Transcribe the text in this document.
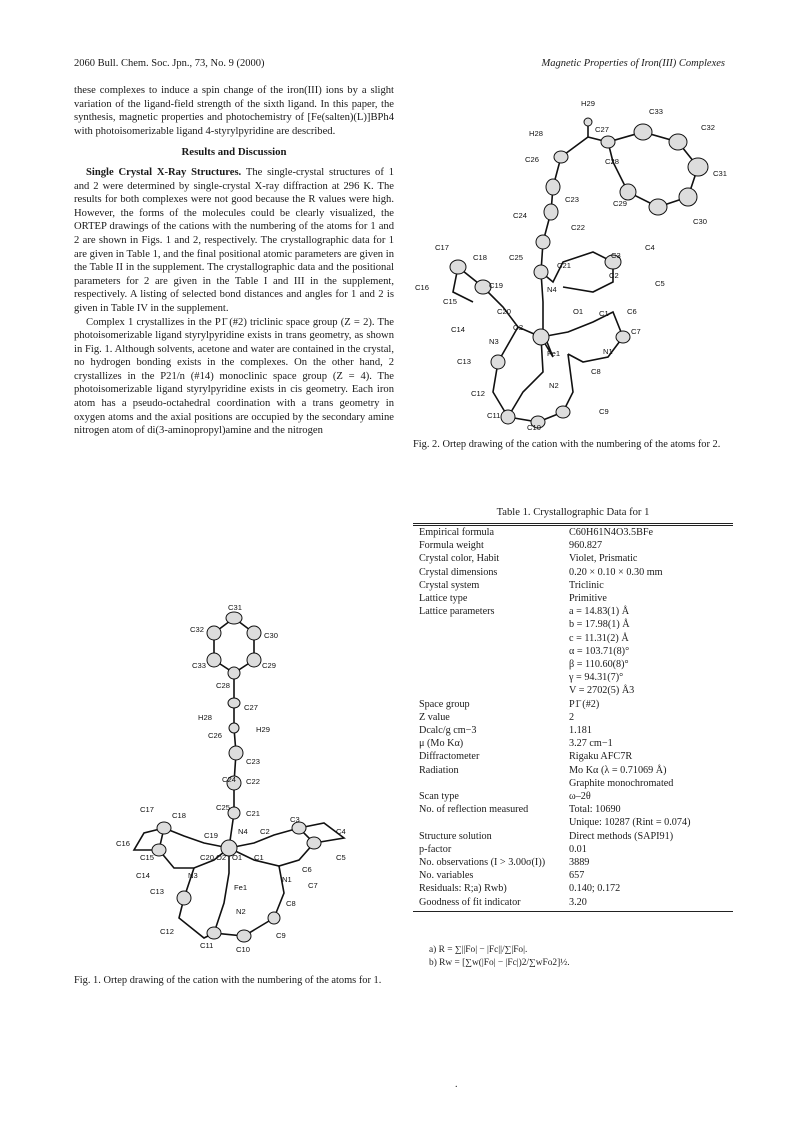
2060 Bull. Chem. Soc. Jpn., 73, No. 9 (2000)	Magnetic Properties of Iron(III) Complexes

these complexes to induce a spin change of the iron(III) ions by a slight variation of the ligand-field strength of the sixth ligand. In this paper, the synthesis, magnetic properties and photochemistry of [Fe(salten)(L)]BPh4 with photoisomerizable ligand 4-styrylpyridine are described.

Results and Discussion

Single Crystal X-Ray Structures. The single-crystal structures of 1 and 2 were determined by single-crystal X-ray diffraction at 296 K. The results for both complexes were not good because the R values were high. However, the forms of the molecules could be clearly visualized, the ORTEP drawings of the cations with the numbering of the atoms for 1 and 2 are shown in Figs. 1 and 2, respectively. The crystallographic data for 1 are given in Table 1, and the final positional atomic parameters are given in the Table II in the supplement. The crystallographic data and the positional parameters for 2 are given in the Table I and III in the supplement, respectively. A listing of selected bond distances and angles for 1 and 2 is given in Table IV in the supplement.

Complex 1 crystallizes in the P1̄ (#2) triclinic space group (Z = 2). The photoisomerizable ligand styrylpyridine exists in trans geometry, as shown in Fig. 1. Although solvents, acetone and water are contained in the crystal, no hydrogen bonding exists in the complexes. On the other hand, 2 crystallizes in the P21/n (#14) monoclinic space group (Z = 4). The photoisomerizable ligand styrylpyridine exists in cis geometry. Each iron atom has a pseudo-octahedral coordination with a trans geometry in oxygen atoms and the axial positions are occupied by the secondary amine nitrogen atom of di(3-aminopropyl)amine and the nitrogen

C31
C32
C30
C33	C29
C28
C27
H28
H29
C26
C23
C24 C22
C25
C21
N4 C2
C3
C4
C17
C18
C19
C16
C15	C20 O2 O1 C1	C5
C14	N3
C6
N1
C7
C13	Fe1
C8
N2
C12
C11	C10
C9
Fig. 1. Ortep drawing of the cation with the numbering of the atoms for 1.
H29
C33
H28	C27	C32
C26	C28
C31
C23	C29
C30
C24
C22
C17
C18	C25
C21
C3
C4
C16	C19
C2
C5
N4
C15
C20	O1 C1 C6
C14	O2
N3
C7
Fe1	N1
C13
C8
N2
C12
C9
C11
C10
Fig. 2. Ortep drawing of the cation with the numbering of the atoms for 2.
Table 1. Crystallographic Data for 1
Empirical formula	C60H61N4O3.5BFe
Formula weight	960.827
Crystal color, Habit	Violet, Prismatic
Crystal dimensions	0.20 × 0.10 × 0.30 mm
Crystal system	Triclinic
Lattice type	Primitive
Lattice parameters	a = 14.83(1) Å
b = 17.98(1) Å
c = 11.31(2) Å
α = 103.71(8)°
β = 110.60(8)°
γ = 94.31(7)°
V = 2702(5) Å3
Space group	P1̄ (#2)
Z value	2
Dcalc/g cm−3	1.181
μ (Mo Kα)	3.27 cm−1
Diffractometer	Rigaku AFC7R
Radiation	Mo Kα (λ = 0.71069 Å)
Graphite monochromated
Scan type	ω–2θ
No. of reflection measured	Total: 10690
Unique: 10287 (Rint = 0.074)
Structure solution	Direct methods (SAPI91)
p-factor	0.01
No. observations (I > 3.00σ(I))	3889
No. variables	657
Residuals: R;a) Rwb)	0.140; 0.172
Goodness of fit indicator	3.20
a) R = ∑||Fo| − |Fc||/∑|Fo|.
b) Rw = [∑w(|Fo| − |Fc|)2/∑wFo2]½.
.
